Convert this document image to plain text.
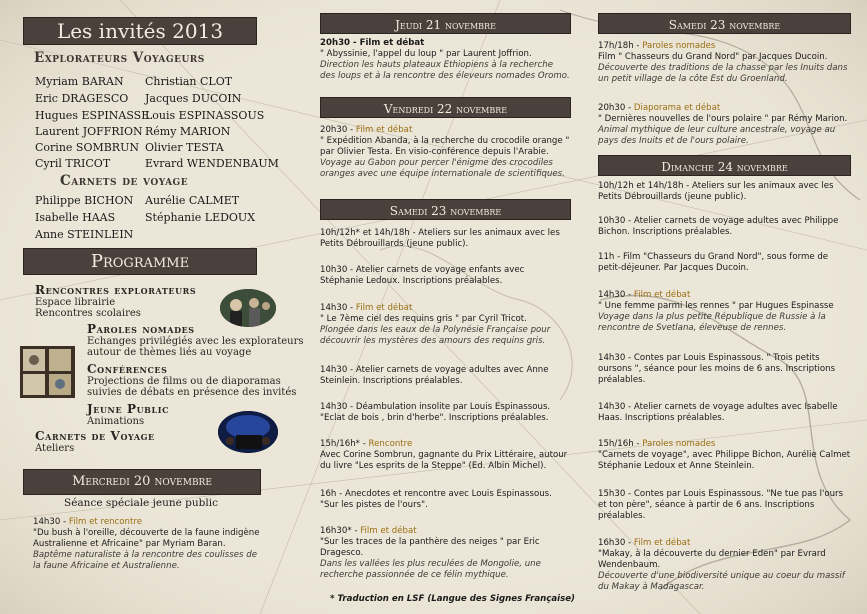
Les invités 2013
Explorateurs Voyageurs
Myriam BARAN Christian CLOT
Eric DRAGESCO Jacques DUCOIN
Hugues ESPINASSE
Louis ESPINASSOUS
Laurent JOFFRION Rémy MARION
Corine SOMBRUN Olivier TESTA
Cyril TRICOT	Evrard WENDENBAUM
Carnets de voyage
Philippe BICHON Aurélie CALMET
Isabelle HAAS	Stéphanie LEDOUX
Anne STEINLEIN
Programme
Rencontres explorateurs
Espace librairie
Rencontres scolaires
Paroles nomades
Echanges privilégiés avec les explorateurs
autour de thèmes liés au voyage
Conférences
Projections de films ou de diaporamas
suivies de débats en présence des invités
Jeune Public
Animations
Carnets de Voyage
Ateliers
Mercredi 20 novembre
Séance spéciale jeune public

14h30 - Film et rencontre

"Du bush à l'oreille, découverte de la faune indigène Australienne et Africaine" par Myriam Baran.

Baptême naturaliste à la rencontre des coulisses de la faune Africaine et Australienne.

Jeudi 21 novembre

20h30 - Film et débat

" Abyssinie, l'appel du loup " par Laurent Joffrion.

Direction les hauts plateaux Ethiopiens à la recherche des loups et à la rencontre des éleveurs nomades Oromo.

Vendredi 22 novembre

20h30 - Film et débat

" Expédition Abanda, à la recherche du crocodile orange " par Olivier Testa. En visio-conférence depuis l'Arabie.

Voyage au Gabon pour percer l'énigme des crocodiles oranges avec une équipe internationale de scientifiques.

Samedi 23 novembre

10h/12h* et 14h/18h - Ateliers sur les animaux avec les Petits Débrouillards (jeune public).

10h30 - Atelier carnets de voyage enfants avec Stéphanie Ledoux. Inscriptions préalables.

14h30 - Film et débat

" Le 7ème ciel des requins gris " par Cyril Tricot.

Plongée dans les eaux de la Polynésie Française pour découvrir les mystères des amours des requins gris.

14h30 - Atelier carnets de voyage adultes avec Anne Steinlein. Inscriptions préalables.

14h30 - Déambulation insolite par Louis Espinassous. "Eclat de bois , brin d'herbe". Inscriptions préalables.

15h/16h* - Rencontre

Avec Corine Sombrun, gagnante du Prix Littéraire, autour du livre "Les esprits de la Steppe" (Ed. Albin Michel).

16h - Anecdotes et rencontre avec Louis Espinassous. "Sur les pistes de l'ours".

16h30* - Film et débat

"Sur les traces de la panthère des neiges " par Eric Dragesco.

Dans les vallées les plus reculées de Mongolie, une recherche passionnée de ce félin mythique.

* Traduction en LSF (Langue des Signes Française)
Samedi 23 novembre

17h/18h - Paroles nomades

Film " Chasseurs du Grand Nord" par Jacques Ducoin.

Découverte des traditions de la chasse par les Inuits dans un petit village de la côte Est du Groenland.

20h30 - Diaporama et débat

" Dernières nouvelles de l'ours polaire " par Rémy Marion.

Animal mythique de leur culture ancestrale, voyage au pays des Inuits et de l'ours polaire.

Dimanche 24 novembre

10h/12h et 14h/18h - Ateliers sur les animaux avec les Petits Débrouillards (jeune public).

10h30 - Atelier carnets de voyage adultes avec Philippe Bichon. Inscriptions préalables.

11h - Film "Chasseurs du Grand Nord", sous forme de petit-déjeuner. Par Jacques Ducoin.

14h30 - Film et débat

" Une femme parmi les rennes " par Hugues Espinasse

Voyage dans la plus petite République de Russie à la rencontre de Svetlana, éleveuse de rennes.

14h30 - Contes par Louis Espinassous. " Trois petits oursons ", séance pour les moins de 6 ans. Inscriptions préalables.

14h30 - Atelier carnets de voyage adultes avec Isabelle Haas. Inscriptions préalables.

15h/16h - Paroles nomades

"Carnets de voyage", avec Philippe Bichon, Aurélie Calmet Stéphanie Ledoux et Anne Steinlein.

15h30 - Contes par Louis Espinassous. "Ne tue pas l'ours et ton père", séance à partir de 6 ans. Inscriptions préalables.

16h30 - Film et débat

"Makay, à la découverte du dernier Eden" par Evrard Wendenbaum.

Découverte d'une biodiversité unique au coeur du massif du Makay à Madagascar.
